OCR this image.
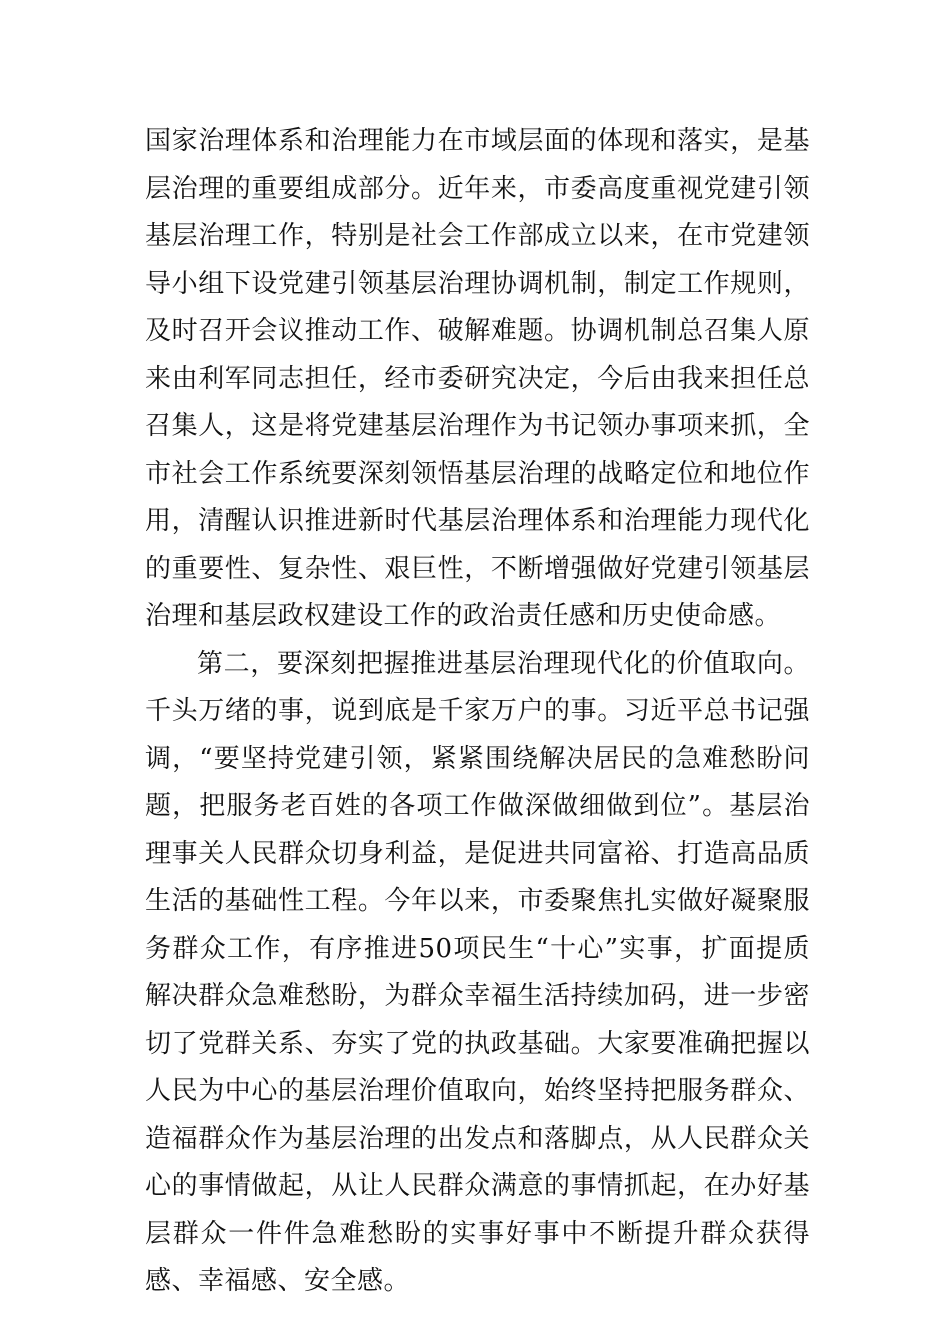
国家治理体系和治理能力在市域层面的体现和落实，是基层治理的重要组成部分。近年来，市委高度重视党建引领基层治理工作，特别是社会工作部成立以来，在市党建领导小组下设党建引领基层治理协调机制，制定工作规则，及时召开会议推动工作、破解难题。协调机制总召集人原来由利军同志担任，经市委研究决定，今后由我来担任总召集人，这是将党建基层治理作为书记领办事项来抓，全市社会工作系统要深刻领悟基层治理的战略定位和地位作用，清醒认识推进新时代基层治理体系和治理能力现代化的重要性、复杂性、艰巨性，不断增强做好党建引领基层治理和基层政权建设工作的政治责任感和历史使命感。

第二，要深刻把握推进基层治理现代化的价值取向。千头万绪的事，说到底是千家万户的事。习近平总书记强调，“要坚持党建引领，紧紧围绕解决居民的急难愁盼问题，把服务老百姓的各项工作做深做细做到位”。基层治理事关人民群众切身利益，是促进共同富裕、打造高品质生活的基础性工程。今年以来，市委聚焦扎实做好凝聚服务群众工作，有序推进50项民生“十心”实事，扩面提质解决群众急难愁盼，为群众幸福生活持续加码，进一步密切了党群关系、夯实了党的执政基础。大家要准确把握以人民为中心的基层治理价值取向，始终坚持把服务群众、造福群众作为基层治理的出发点和落脚点，从人民群众关心的事情做起，从让人民群众满意的事情抓起，在办好基层群众一件件急难愁盼的实事好事中不断提升群众获得感、幸福感、安全感。
